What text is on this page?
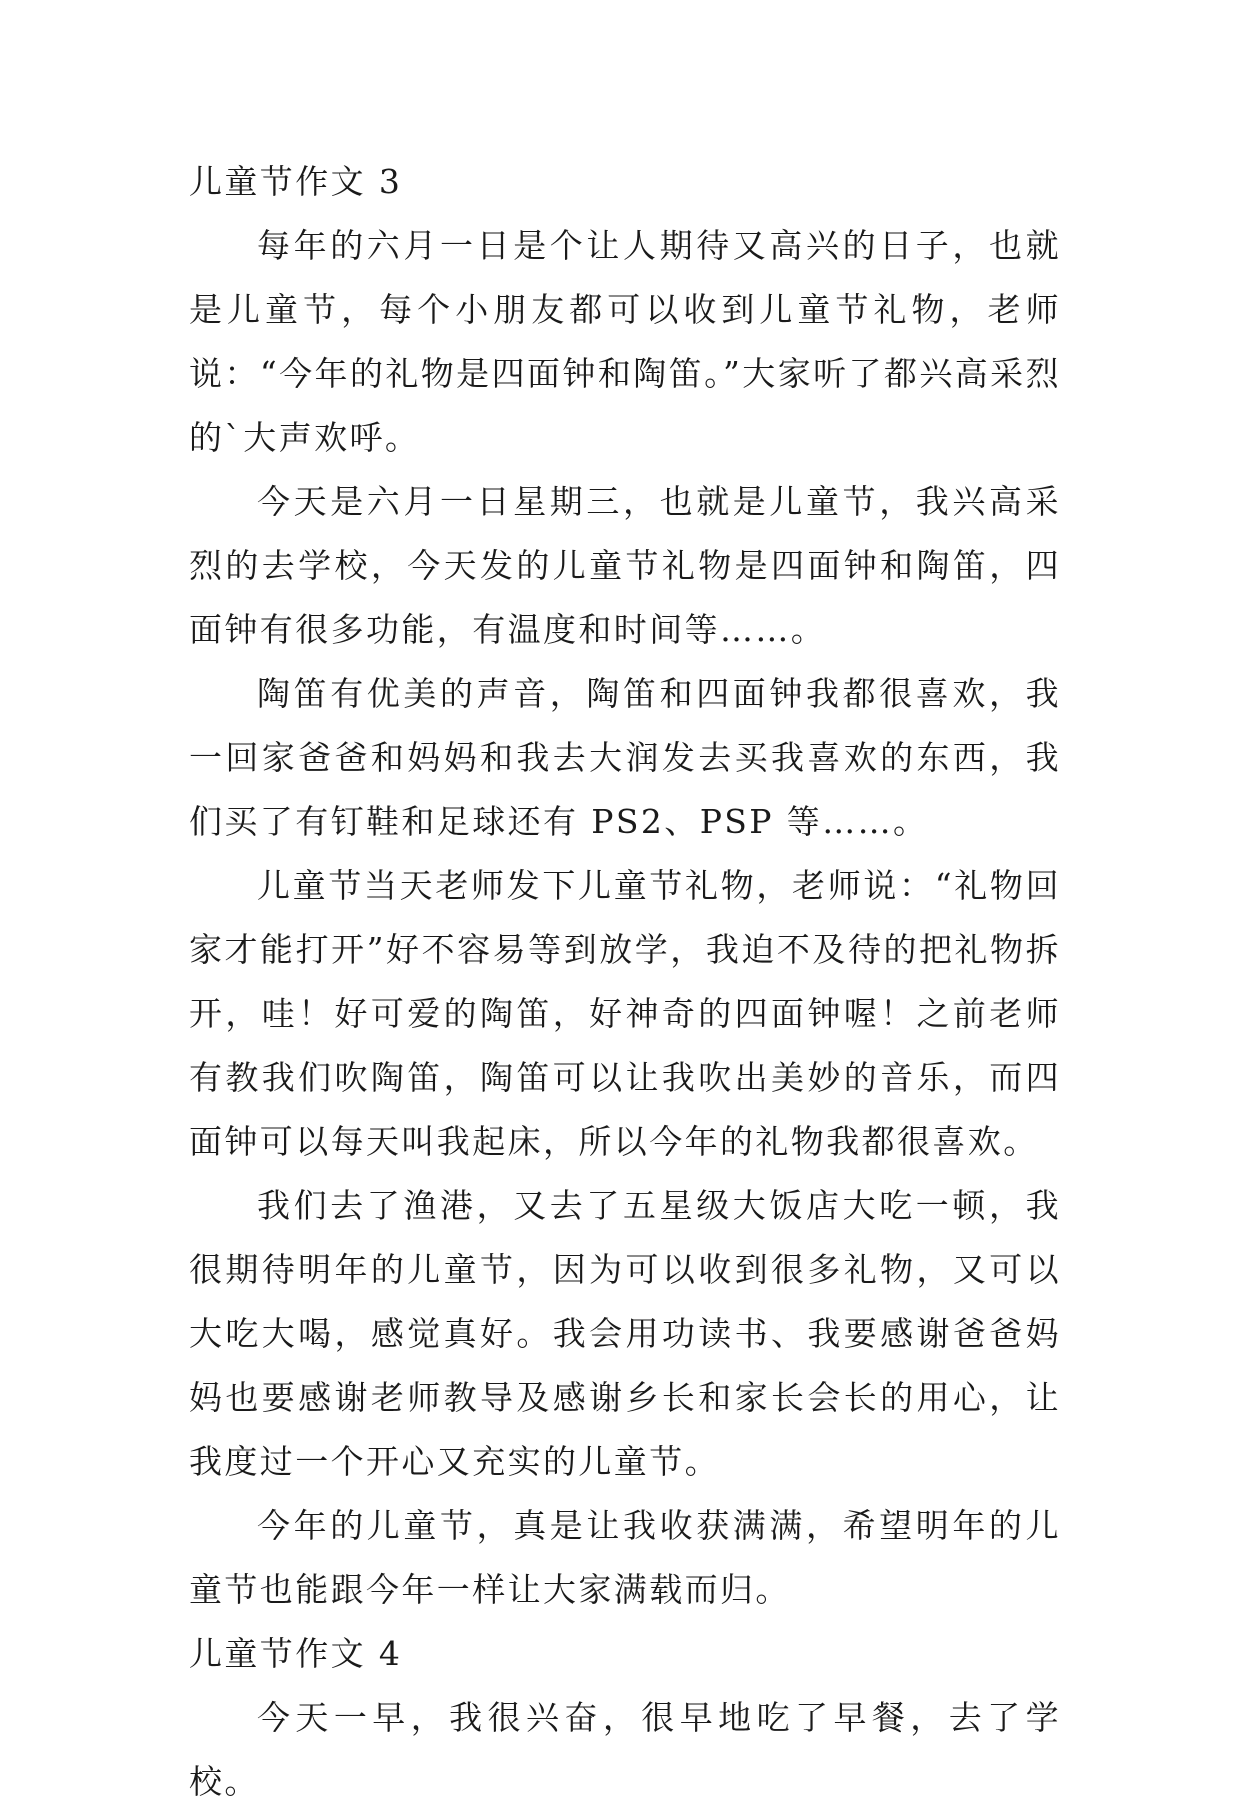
儿童节作文 3

每年的六月一日是个让人期待又高兴的日子，也就是儿童节，每个小朋友都可以收到儿童节礼物，老师说：“今年的礼物是四面钟和陶笛。”大家听了都兴高采烈的`大声欢呼。

今天是六月一日星期三，也就是儿童节，我兴高采烈的去学校，今天发的儿童节礼物是四面钟和陶笛，四面钟有很多功能，有温度和时间等……。

陶笛有优美的声音，陶笛和四面钟我都很喜欢，我一回家爸爸和妈妈和我去大润发去买我喜欢的东西，我们买了有钉鞋和足球还有 PS2、PSP 等……。

儿童节当天老师发下儿童节礼物，老师说：“礼物回家才能打开”好不容易等到放学，我迫不及待的把礼物拆开，哇！好可爱的陶笛，好神奇的四面钟喔！之前老师有教我们吹陶笛，陶笛可以让我吹出美妙的音乐，而四面钟可以每天叫我起床，所以今年的礼物我都很喜欢。

我们去了渔港，又去了五星级大饭店大吃一顿，我很期待明年的儿童节，因为可以收到很多礼物，又可以大吃大喝，感觉真好。我会用功读书、我要感谢爸爸妈妈也要感谢老师教导及感谢乡长和家长会长的用心，让我度过一个开心又充实的儿童节。

今年的儿童节，真是让我收获满满，希望明年的儿童节也能跟今年一样让大家满载而归。

儿童节作文 4

今天一早，我很兴奋，很早地吃了早餐，去了学校。
